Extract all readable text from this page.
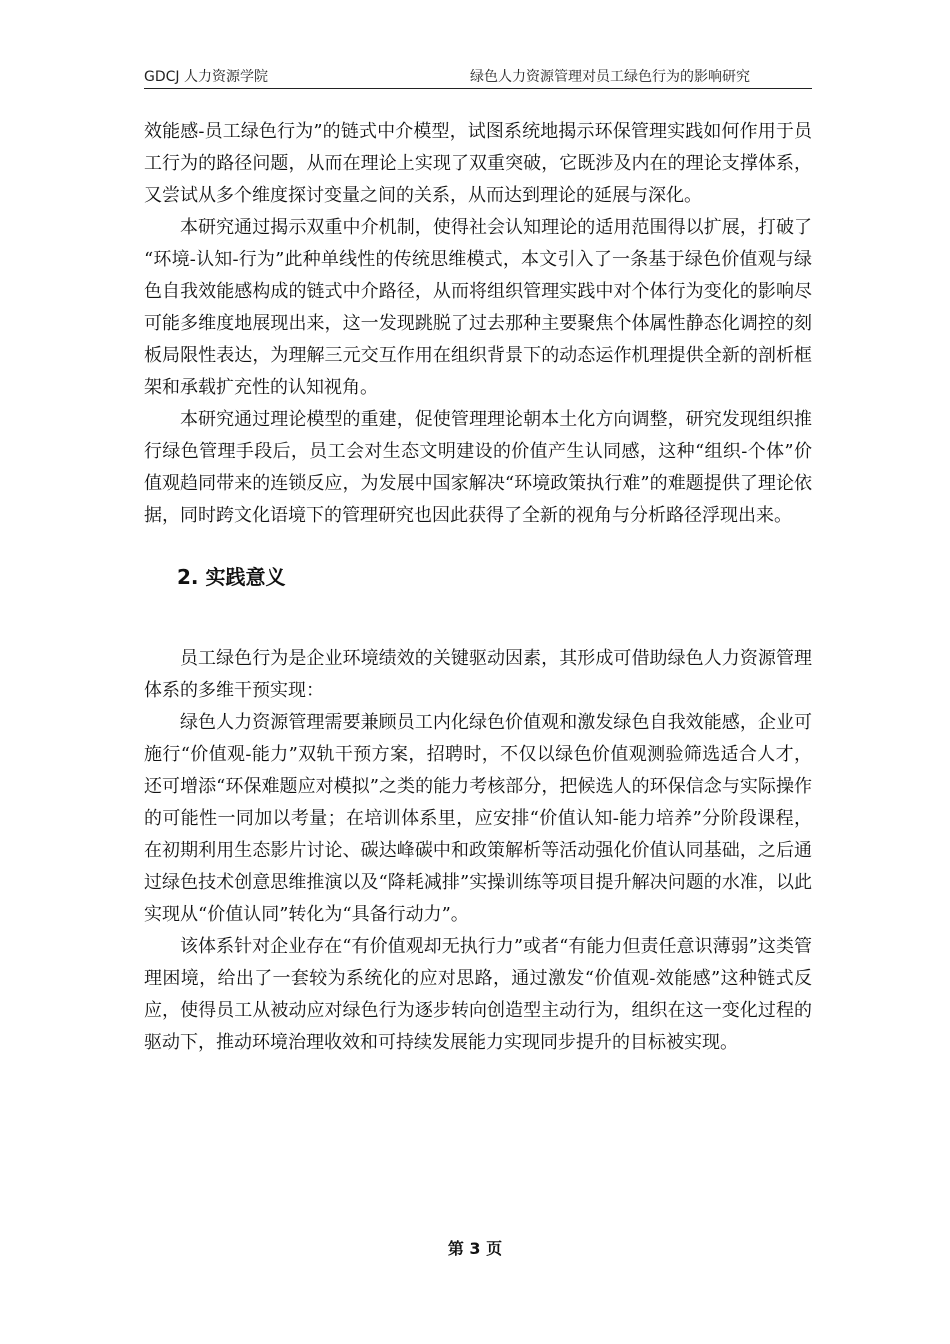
GDCJ 人力资源学院	绿色人力资源管理对员工绿色行为的影响研究

效能感-员工绿色行为”的链式中介模型，试图系统地揭示环保管理实践如何作用于员工行为的路径问题，从而在理论上实现了双重突破，它既涉及内在的理论支撑体系，又尝试从多个维度探讨变量之间的关系，从而达到理论的延展与深化。

本研究通过揭示双重中介机制，使得社会认知理论的适用范围得以扩展，打破了“环境-认知-行为”此种单线性的传统思维模式，本文引入了一条基于绿色价值观与绿色自我效能感构成的链式中介路径，从而将组织管理实践中对个体行为变化的影响尽可能多维度地展现出来，这一发现跳脱了过去那种主要聚焦个体属性静态化调控的刻板局限性表达，为理解三元交互作用在组织背景下的动态运作机理提供全新的剖析框架和承载扩充性的认知视角。

本研究通过理论模型的重建，促使管理理论朝本土化方向调整，研究发现组织推行绿色管理手段后，员工会对生态文明建设的价值产生认同感，这种“组织-个体”价值观趋同带来的连锁反应，为发展中国家解决“环境政策执行难”的难题提供了理论依据，同时跨文化语境下的管理研究也因此获得了全新的视角与分析路径浮现出来。

2. 实践意义

员工绿色行为是企业环境绩效的关键驱动因素，其形成可借助绿色人力资源管理体系的多维干预实现：

绿色人力资源管理需要兼顾员工内化绿色价值观和激发绿色自我效能感，企业可施行“价值观-能力”双轨干预方案，招聘时，不仅以绿色价值观测验筛选适合人才，还可增添“环保难题应对模拟”之类的能力考核部分，把候选人的环保信念与实际操作的可能性一同加以考量；在培训体系里，应安排“价值认知-能力培养”分阶段课程，在初期利用生态影片讨论、碳达峰碳中和政策解析等活动强化价值认同基础，之后通过绿色技术创意思维推演以及“降耗减排”实操训练等项目提升解决问题的水准，以此实现从“价值认同”转化为“具备行动力”。

该体系针对企业存在“有价值观却无执行力”或者“有能力但责任意识薄弱”这类管理困境，给出了一套较为系统化的应对思路，通过激发“价值观-效能感”这种链式反应，使得员工从被动应对绿色行为逐步转向创造型主动行为，组织在这一变化过程的驱动下，推动环境治理收效和可持续发展能力实现同步提升的目标被实现。

第 3 页
